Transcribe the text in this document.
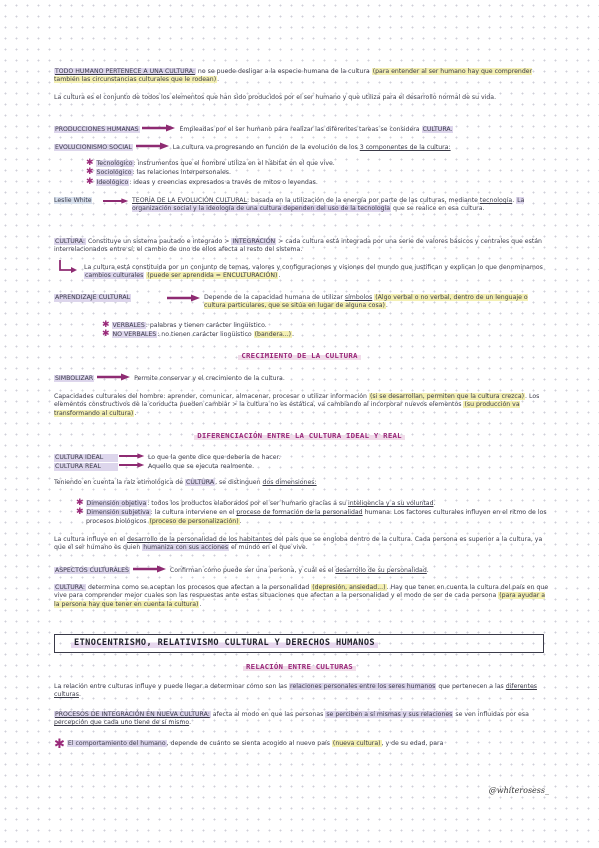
TODO HUMANO PERTENECE A UNA CULTURA: no se puede desligar a la especie humana de la cultura (para entender al ser humano hay que comprender también las circunstancias culturales que le rodean).
La cultura es el conjunto de todos los elementos que han sido producidos por el ser humano y que utiliza para el desarrollo normal de su vida.
PRODUCCIONES HUMANAS	Empleadas por el ser humano para realizar las diferentes tareas se considera CULTURA.
EVOLUCIONISMO SOCIAL	La cultura va progresando en función de la evolución de los 3 componentes de la cultura:
✱ Tecnológico: instrumentos que el hombre utiliza en el hábitat en el que vive.
✱ Sociológico: las relaciones interpersonales.
✱ Ideológico: ideas y creencias expresados a través de mitos o leyendas.
Leslie White	TEORÍA DE LA EVOLUCIÓN CULTURAL: basada en la utilización de la energía por parte de las culturas, mediante tecnología. La organización social y la ideología de una cultura dependen del uso de la tecnología que se realice en esa cultura.
CULTURA: Constituye un sistema pautado e integrado > INTEGRACIÓN > cada cultura está integrada por una serie de valores básicos y centrales que están interrelacionados entre sí; el cambio de uno de ellos afecta al resto del sistema.
La cultura está constituida por un conjunto de temas, valores y configuraciones y visiones del mundo que justifican y explican lo que denominamos cambios culturales (puede ser aprendida = ENCULTURACIÓN).
APRENDIZAJE CULTURAL	Depende de la capacidad humana de utilizar símbolos (Algo verbal o no verbal, dentro de un lenguaje o cultura particulares, que se sitúa en lugar de alguna cosa).
✱ VERBALES: palabras y tienen carácter lingüístico.
✱ NO VERBALES: no tienen carácter lingüístico (bandera...).
CRECIMIENTO DE LA CULTURA
SIMBOLIZAR	Permite conservar y el crecimiento de la cultura.
Capacidades culturales del hombre: aprender, comunicar, almacenar, procesar o utilizar información (si se desarrollan, permiten que la cultura crezca). Los elementos constructivos de la conducta pueden cambiar > la cultura no es estática, va cambiando al incorporar nuevos elementos (su producción va transformando al cultura).
DIFERENCIACIÓN ENTRE LA CULTURA IDEAL Y REAL
CULTURA IDEAL	Lo que la gente dice que debería de hacer.
CULTURA REAL	Aquello que se ejecuta realmente.
Teniendo en cuenta la raíz etimológica de CULTURA, se distinguen dos dimensiones:
✱ Dimensión objetiva: todos los productos elaborados por el ser humano gracias a su inteligencia y a su voluntad.
✱ Dimensión subjetiva: la cultura interviene en el proceso de formación de la personalidad humana. Los factores culturales influyen en el ritmo de los procesos biológicos (proceso de personalización).
La cultura influye en el desarrollo de la personalidad de los habitantes del país que se engloba dentro de la cultura. Cada persona es superior a la cultura, ya que el ser humano es quien humaniza con sus acciones el mundo en el que vive.
ASPECTOS CULTURALES	Confirman cómo puede ser una persona, y cuál es el desarrollo de su personalidad.
CULTURA: determina como se aceptan los procesos que afectan a la personalidad (depresión, ansiedad...). Hay que tener en cuenta la cultura del país en que vive para comprender mejor cuales son las respuestas ante estas situaciones que afectan a la personalidad y el modo de ser de cada persona (para ayudar a la persona hay que tener en cuenta la cultura).
ETNOCENTRISMO, RELATIVISMO CULTURAL Y DERECHOS HUMANOS
RELACIÓN ENTRE CULTURAS
La relación entre culturas influye y puede llegar a determinar cómo son las relaciones personales entre los seres humanos que pertenecen a las diferentes culturas.
PROCESOS DE INTEGRACIÓN EN NUEVA CULTURA: afecta al modo en que las personas se perciben a sí mismas y sus relaciones se ven influidas por esa percepción que cada uno tiene de sí mismo.
✱ El comportamiento del humano, depende de cuánto se sienta acogido al nuevo país (nueva cultura), y de su edad, para
@whiterosess_
